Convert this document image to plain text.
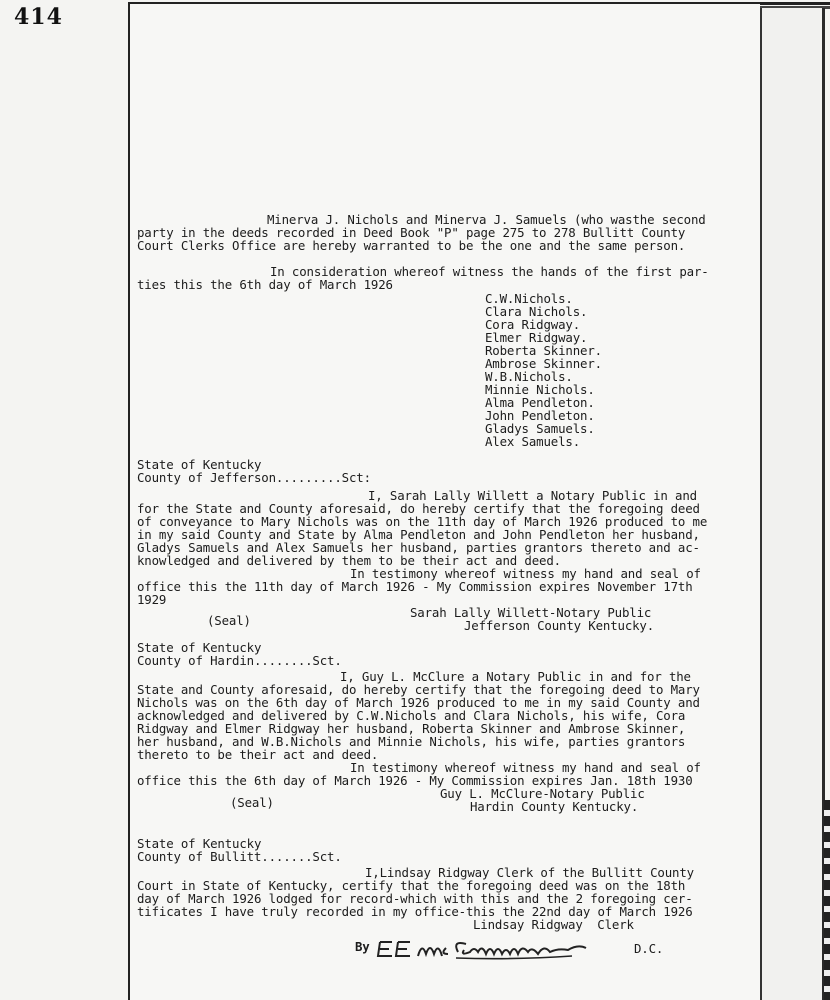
414
Minerva J. Nichols and Minerva J. Samuels (who wasthe second
party in the deeds recorded in Deed Book "P" page 275 to 278 Bullitt County
Court Clerks Office are hereby warranted to be the one and the same person.
In consideration whereof witness the hands of the first par-
ties this the 6th day of March 1926
C.W.Nichols.
Clara Nichols.
Cora Ridgway.
Elmer Ridgway.
Roberta Skinner.
Ambrose Skinner.
W.B.Nichols.
Minnie Nichols.
Alma Pendleton.
John Pendleton.
Gladys Samuels.
Alex Samuels.
State of Kentucky
County of Jefferson.........Sct:
I, Sarah Lally Willett a Notary Public in and
for the State and County aforesaid, do hereby certify that the foregoing deed
of conveyance to Mary Nichols was on the 11th day of March 1926 produced to me
in my said County and State by Alma Pendleton and John Pendleton her husband,
Gladys Samuels and Alex Samuels her husband, parties grantors thereto and ac-
knowledged and delivered by them to be their act and deed.
In testimony whereof witness my hand and seal of
office this the 11th day of March 1926 - My Commission expires November 17th
1929
Sarah Lally Willett-Notary Public
(Seal)	Jefferson County Kentucky.
State of Kentucky
County of Hardin........Sct.
I, Guy L. McClure a Notary Public in and for the
State and County aforesaid, do hereby certify that the foregoing deed to Mary
Nichols was on the 6th day of March 1926 produced to me in my said County and
acknowledged and delivered by C.W.Nichols and Clara Nichols, his wife, Cora
Ridgway and Elmer Ridgway her husband, Roberta Skinner and Ambrose Skinner,
her husband, and W.B.Nichols and Minnie Nichols, his wife, parties grantors
thereto to be their act and deed.
In testimony whereof witness my hand and seal of
office this the 6th day of March 1926 - My Commission expires Jan. 18th 1930
Guy L. McClure-Notary Public
(Seal)	Hardin County Kentucky.
State of Kentucky
County of Bullitt.......Sct.
I,Lindsay Ridgway Clerk of the Bullitt County
Court in State of Kentucky, certify that the foregoing deed was on the 18th
day of March 1926 lodged for record-which with this and the 2 foregoing cer-
tificates I have truly recorded in my office-this the 22nd day of March 1926
Lindsay Ridgway  Clerk
By	D.C.
